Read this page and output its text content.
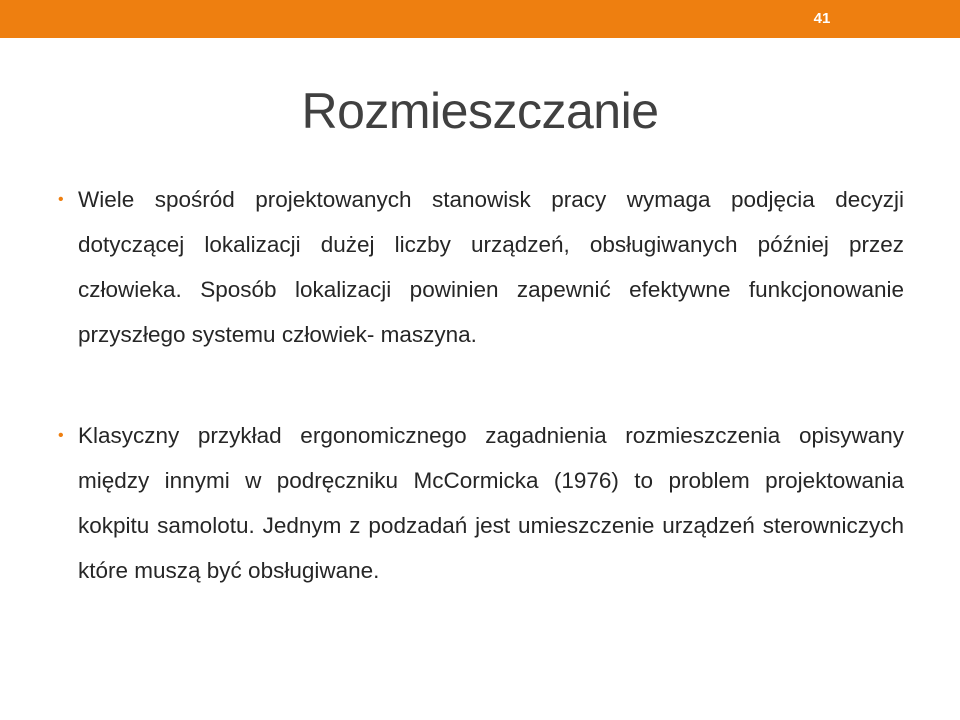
41
Rozmieszczanie
• Wiele spośród projektowanych stanowisk pracy wymaga podjęcia decyzji dotyczącej lokalizacji dużej liczby urządzeń, obsługiwanych później przez człowieka. Sposób lokalizacji powinien zapewnić efektywne funkcjonowanie przyszłego systemu człowiek- maszyna.
• Klasyczny przykład ergonomicznego zagadnienia rozmieszczenia opisywany między innymi w podręczniku McCormicka (1976) to problem projektowania kokpitu samolotu. Jednym z podzadań jest umieszczenie urządzeń sterowniczych które muszą być obsługiwane.
